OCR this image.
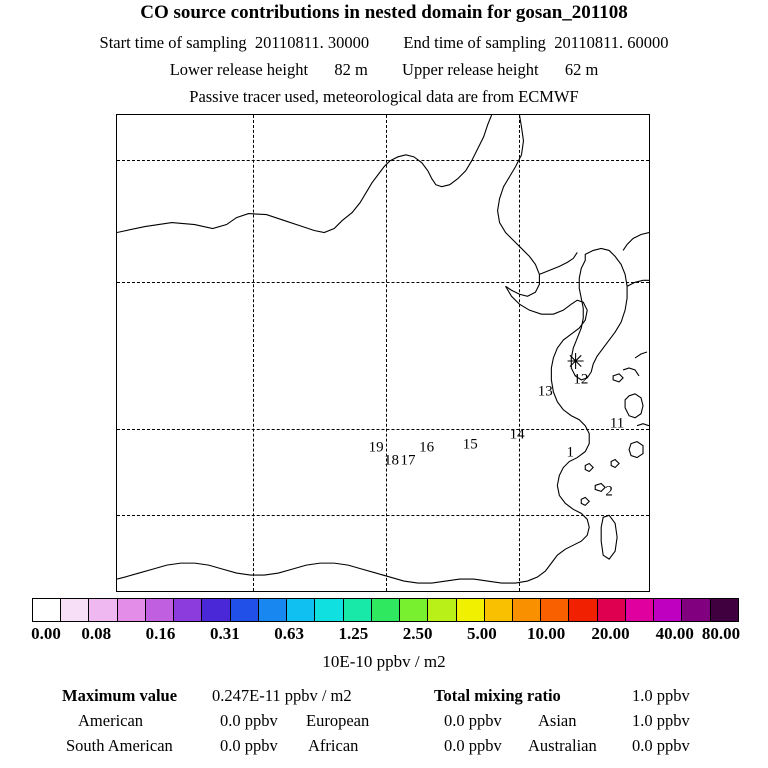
CO source contributions in nested domain for gosan_201108
Start time of sampling 20110811. 30000 End time of sampling 20110811. 60000
Lower release height 82 m Upper release height 62 m
Passive tracer used, meteorological data are from ECMWF
✳
12
13
11
1
2
14
15
16
17
18
19
0.00 0.08 0.16 0.31 0.63 1.25 2.50 5.00 10.00 20.00 40.00 80.00
10E-10 ppbv / m2
Maximum value 0.247E-11 ppbv / m2	Total mixing ratio	1.0 ppbv
American	0.0 ppbv European	0.0 ppbv Asian	1.0 ppbv
South American	0.0 ppbv African	0.0 ppbv Australian 0.0 ppbv
